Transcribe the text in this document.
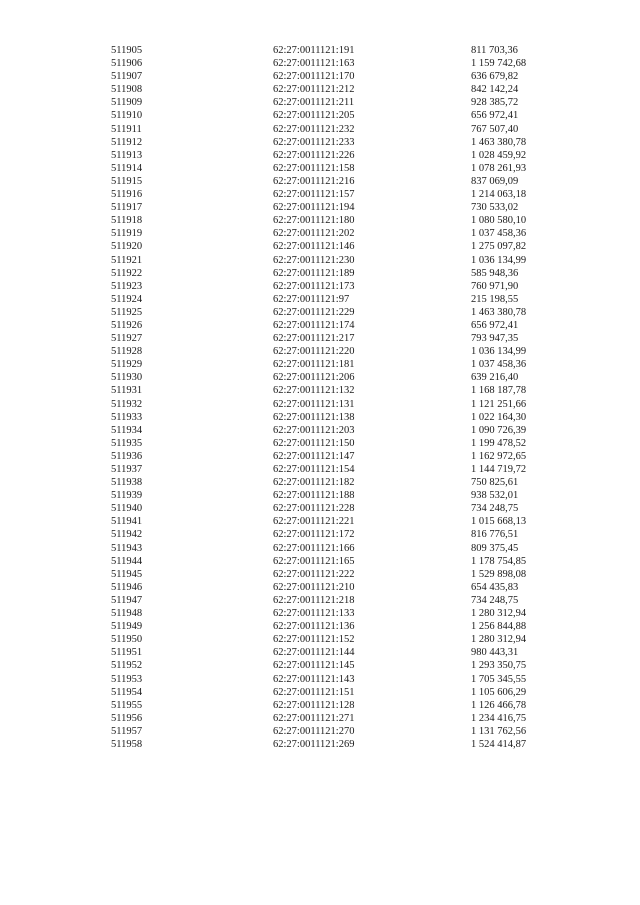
511905	62:27:0011121:191	811 703,36
511906	62:27:0011121:163	1 159 742,68
511907	62:27:0011121:170	636 679,82
511908	62:27:0011121:212	842 142,24
511909	62:27:0011121:211	928 385,72
511910	62:27:0011121:205	656 972,41
511911	62:27:0011121:232	767 507,40
511912	62:27:0011121:233	1 463 380,78
511913	62:27:0011121:226	1 028 459,92
511914	62:27:0011121:158	1 078 261,93
511915	62:27:0011121:216	837 069,09
511916	62:27:0011121:157	1 214 063,18
511917	62:27:0011121:194	730 533,02
511918	62:27:0011121:180	1 080 580,10
511919	62:27:0011121:202	1 037 458,36
511920	62:27:0011121:146	1 275 097,82
511921	62:27:0011121:230	1 036 134,99
511922	62:27:0011121:189	585 948,36
511923	62:27:0011121:173	760 971,90
511924	62:27:0011121:97	215 198,55
511925	62:27:0011121:229	1 463 380,78
511926	62:27:0011121:174	656 972,41
511927	62:27:0011121:217	793 947,35
511928	62:27:0011121:220	1 036 134,99
511929	62:27:0011121:181	1 037 458,36
511930	62:27:0011121:206	639 216,40
511931	62:27:0011121:132	1 168 187,78
511932	62:27:0011121:131	1 121 251,66
511933	62:27:0011121:138	1 022 164,30
511934	62:27:0011121:203	1 090 726,39
511935	62:27:0011121:150	1 199 478,52
511936	62:27:0011121:147	1 162 972,65
511937	62:27:0011121:154	1 144 719,72
511938	62:27:0011121:182	750 825,61
511939	62:27:0011121:188	938 532,01
511940	62:27:0011121:228	734 248,75
511941	62:27:0011121:221	1 015 668,13
511942	62:27:0011121:172	816 776,51
511943	62:27:0011121:166	809 375,45
511944	62:27:0011121:165	1 178 754,85
511945	62:27:0011121:222	1 529 898,08
511946	62:27:0011121:210	654 435,83
511947	62:27:0011121:218	734 248,75
511948	62:27:0011121:133	1 280 312,94
511949	62:27:0011121:136	1 256 844,88
511950	62:27:0011121:152	1 280 312,94
511951	62:27:0011121:144	980 443,31
511952	62:27:0011121:145	1 293 350,75
511953	62:27:0011121:143	1 705 345,55
511954	62:27:0011121:151	1 105 606,29
511955	62:27:0011121:128	1 126 466,78
511956	62:27:0011121:271	1 234 416,75
511957	62:27:0011121:270	1 131 762,56
511958	62:27:0011121:269	1 524 414,87
